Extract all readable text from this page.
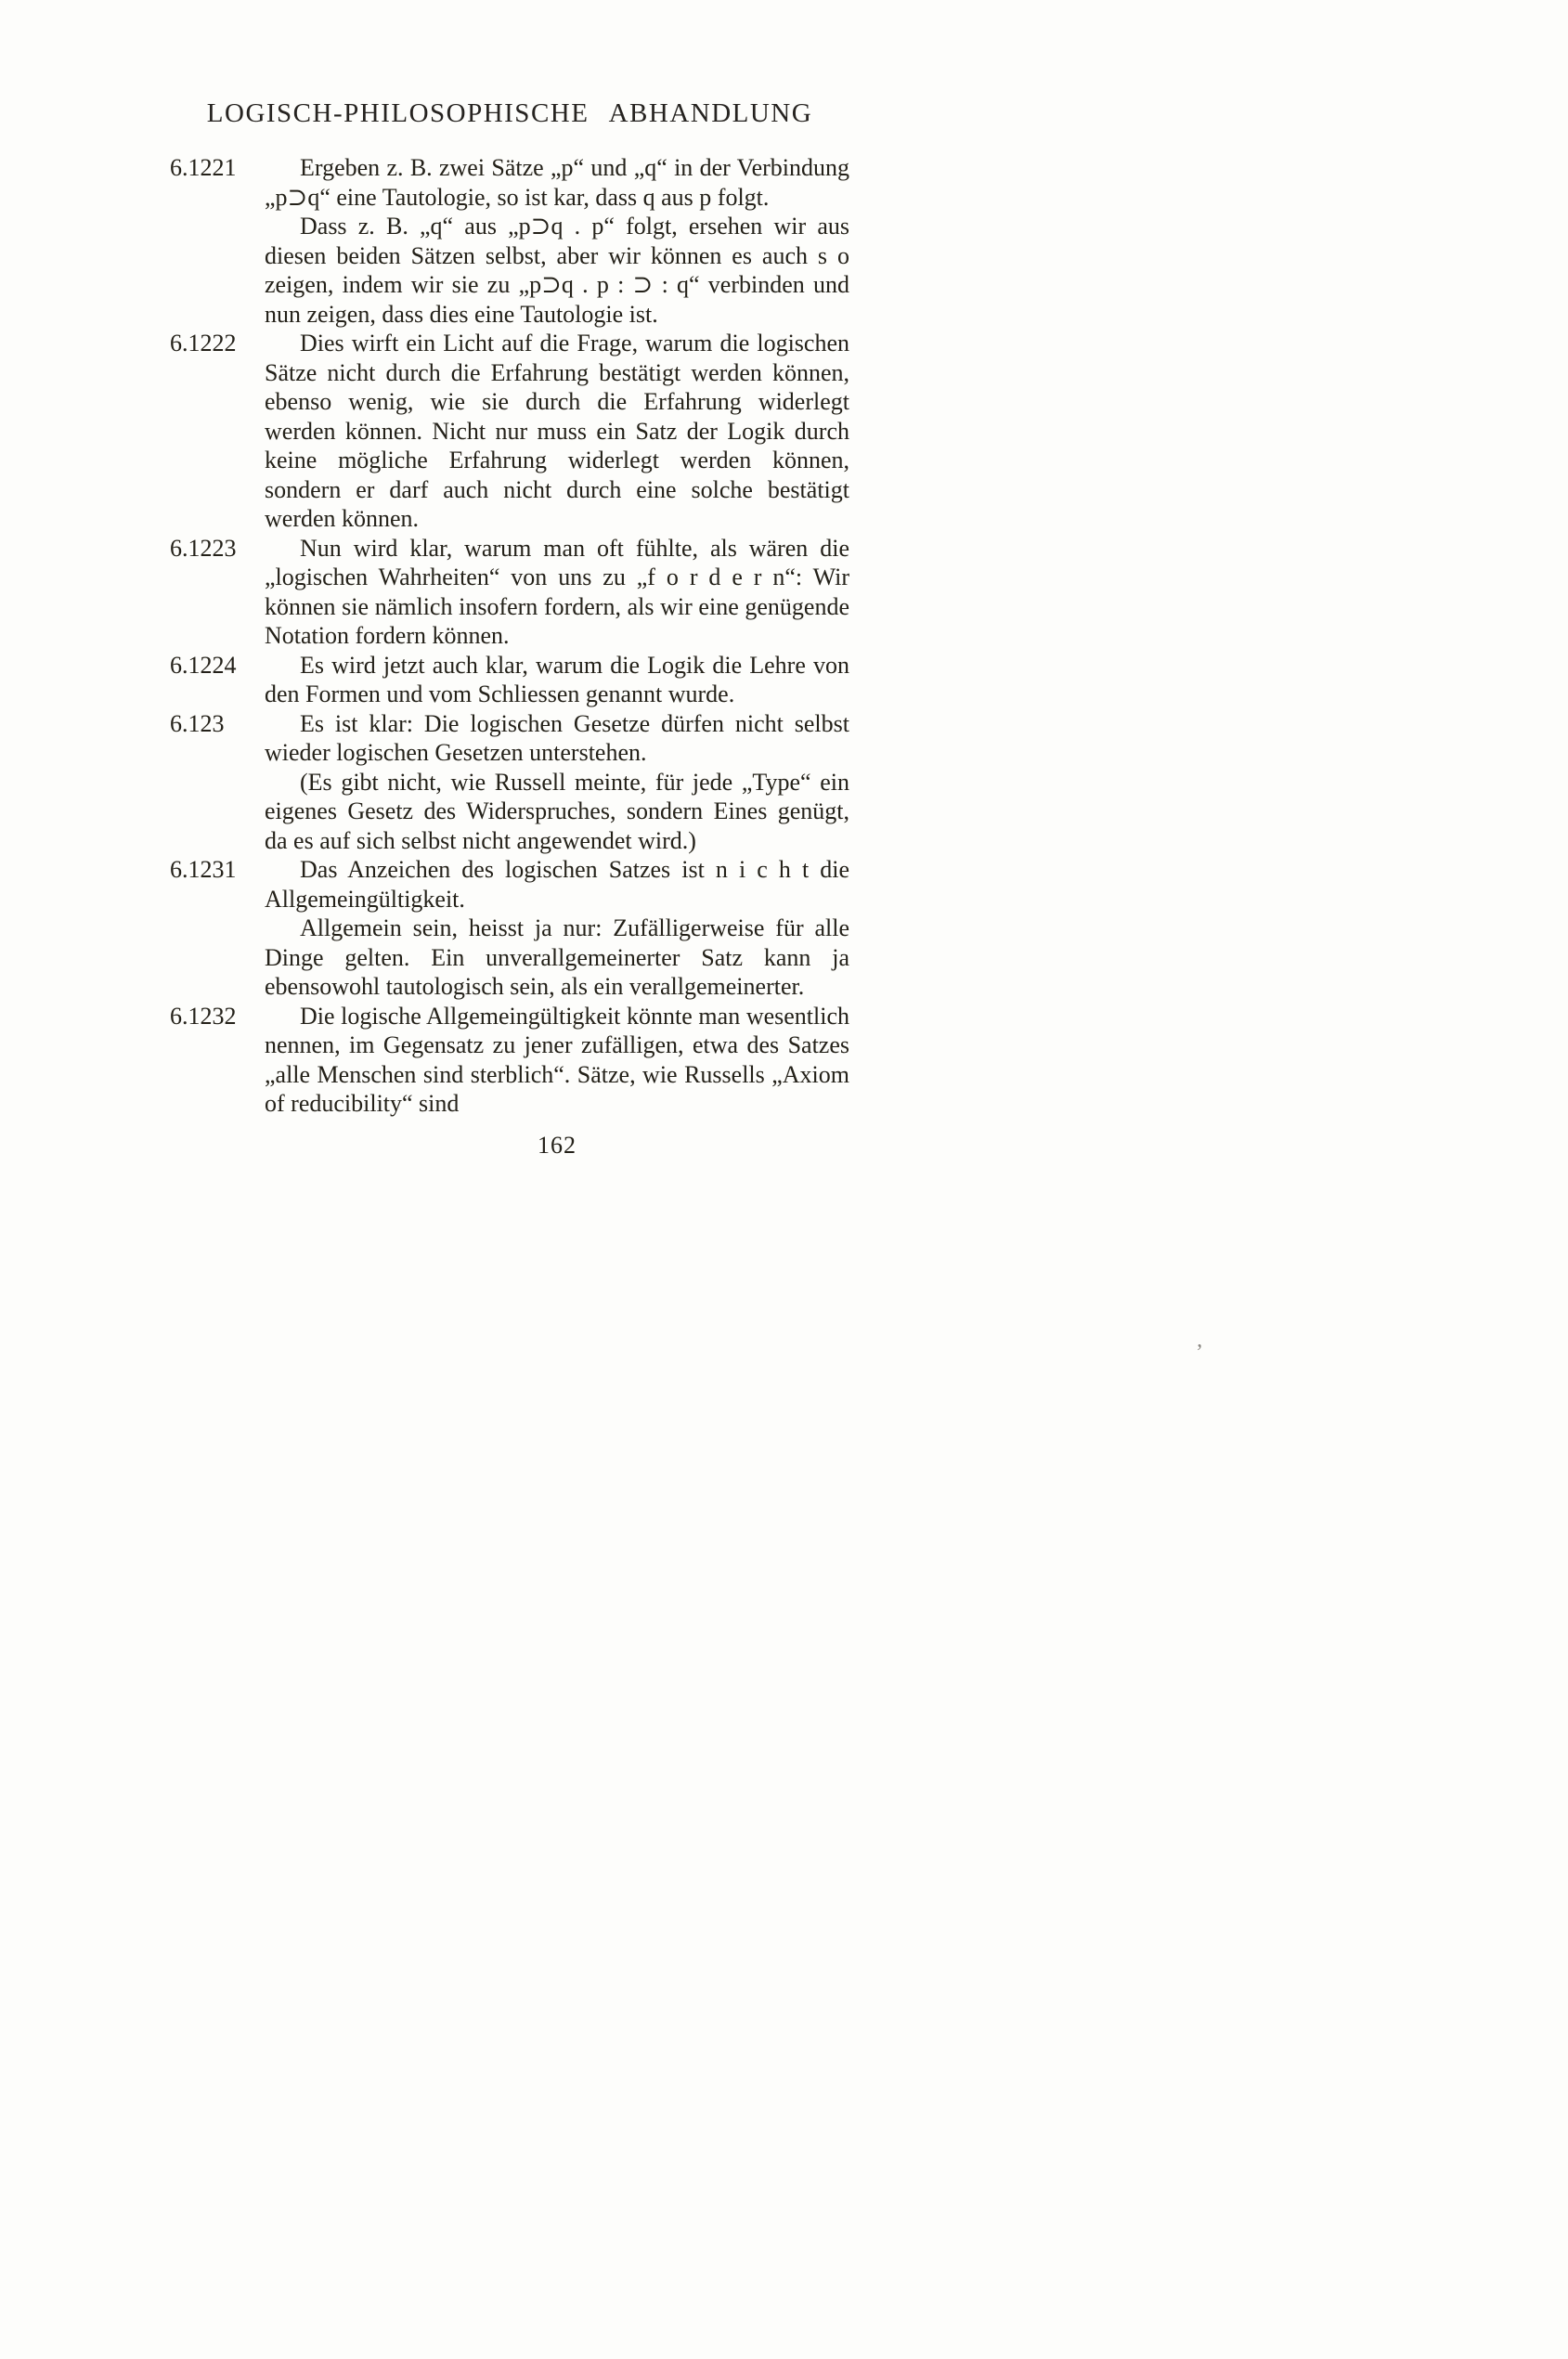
LOGISCH-PHILOSOPHISCHE ABHANDLUNG
6.1221	Ergeben z. B. zwei Sätze „p“ und „q“ in der Verbindung „p⊃q“ eine Tautologie, so ist kar, dass q aus p folgt.

Dass z. B. „q“ aus „p⊃q . p“ folgt, ersehen wir aus diesen beiden Sätzen selbst, aber wir können es auch s o zeigen, indem wir sie zu „p⊃q . p : ⊃ : q“ verbinden und nun zeigen, dass dies eine Tautologie ist.

6.1222	Dies wirft ein Licht auf die Frage, warum die logischen Sätze nicht durch die Erfahrung bestätigt werden können, ebenso wenig, wie sie durch die Erfahrung widerlegt werden können. Nicht nur muss ein Satz der Logik durch keine mögliche Erfahrung widerlegt werden können, sondern er darf auch nicht durch eine solche bestätigt werden können.

6.1223	Nun wird klar, warum man oft fühlte, als wären die „logischen Wahrheiten“ von uns zu „f o r d e r n“: Wir können sie nämlich insofern fordern, als wir eine genügende Notation fordern können.

6.1224	Es wird jetzt auch klar, warum die Logik die Lehre von den Formen und vom Schliessen genannt wurde.

6.123	Es ist klar: Die logischen Gesetze dürfen nicht selbst wieder logischen Gesetzen unterstehen.

(Es gibt nicht, wie Russell meinte, für jede „Type“ ein eigenes Gesetz des Widerspruches, sondern Eines genügt, da es auf sich selbst nicht angewendet wird.)

6.1231	Das Anzeichen des logischen Satzes ist n i c h t die Allgemeingültigkeit.

Allgemein sein, heisst ja nur: Zufälligerweise für alle Dinge gelten. Ein unverallgemeinerter Satz kann ja ebensowohl tautologisch sein, als ein verallgemeinerter.

6.1232	Die logische Allgemeingültigkeit könnte man wesentlich nennen, im Gegensatz zu jener zufälligen, etwa des Satzes „alle Menschen sind sterblich“. Sätze, wie Russells „Axiom of reducibility“ sind

162
’
